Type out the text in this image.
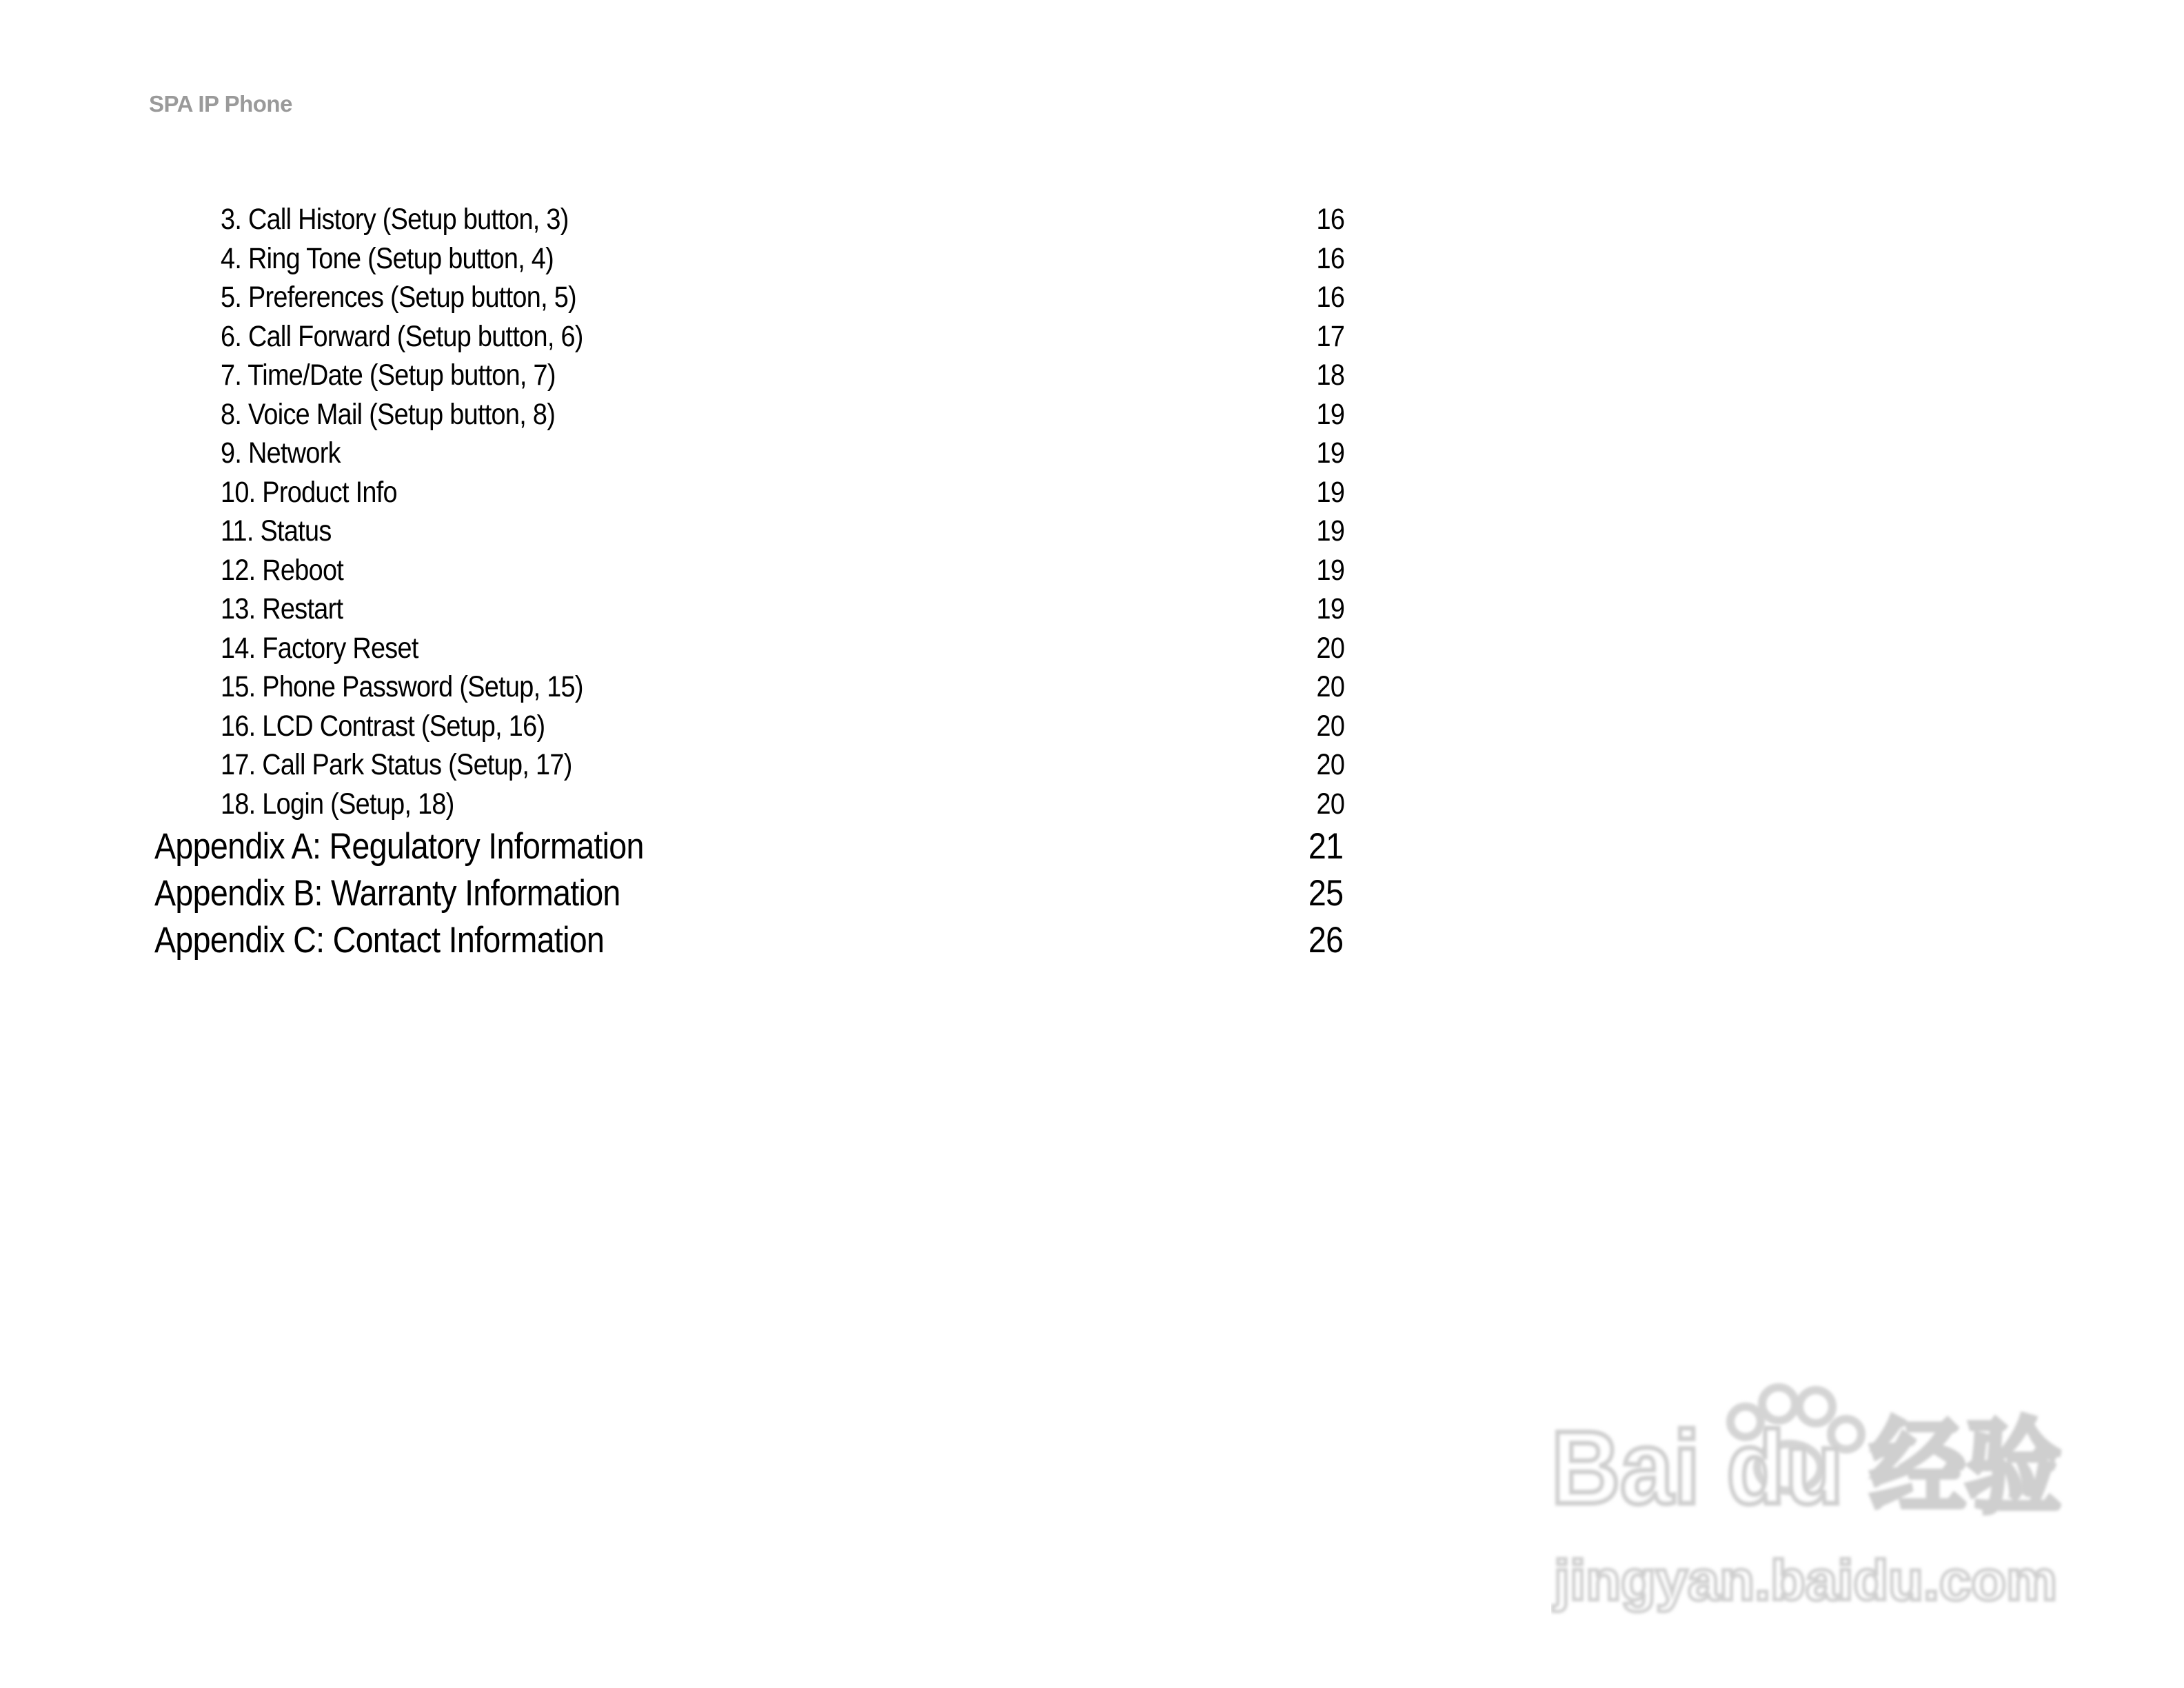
SPA IP Phone
3. Call History (Setup button, 3)	16
4. Ring Tone (Setup button, 4)	16
5. Preferences (Setup button, 5)	16
6. Call Forward (Setup button, 6)	17
7. Time/Date (Setup button, 7)	18
8. Voice Mail (Setup button, 8)	19
9. Network	19
10. Product Info	19
11. Status	19
12. Reboot	19
13. Restart	19
14. Factory Reset	20
15. Phone Password (Setup, 15)	20
16. LCD Contrast (Setup, 16)	20
17. Call Park Status (Setup, 17)	20
18. Login (Setup, 18)	20
Appendix A: Regulatory Information	21
Appendix B: Warranty Information	25
Appendix C: Contact Information	26
Bai du 经验
jingyan.baidu.com
